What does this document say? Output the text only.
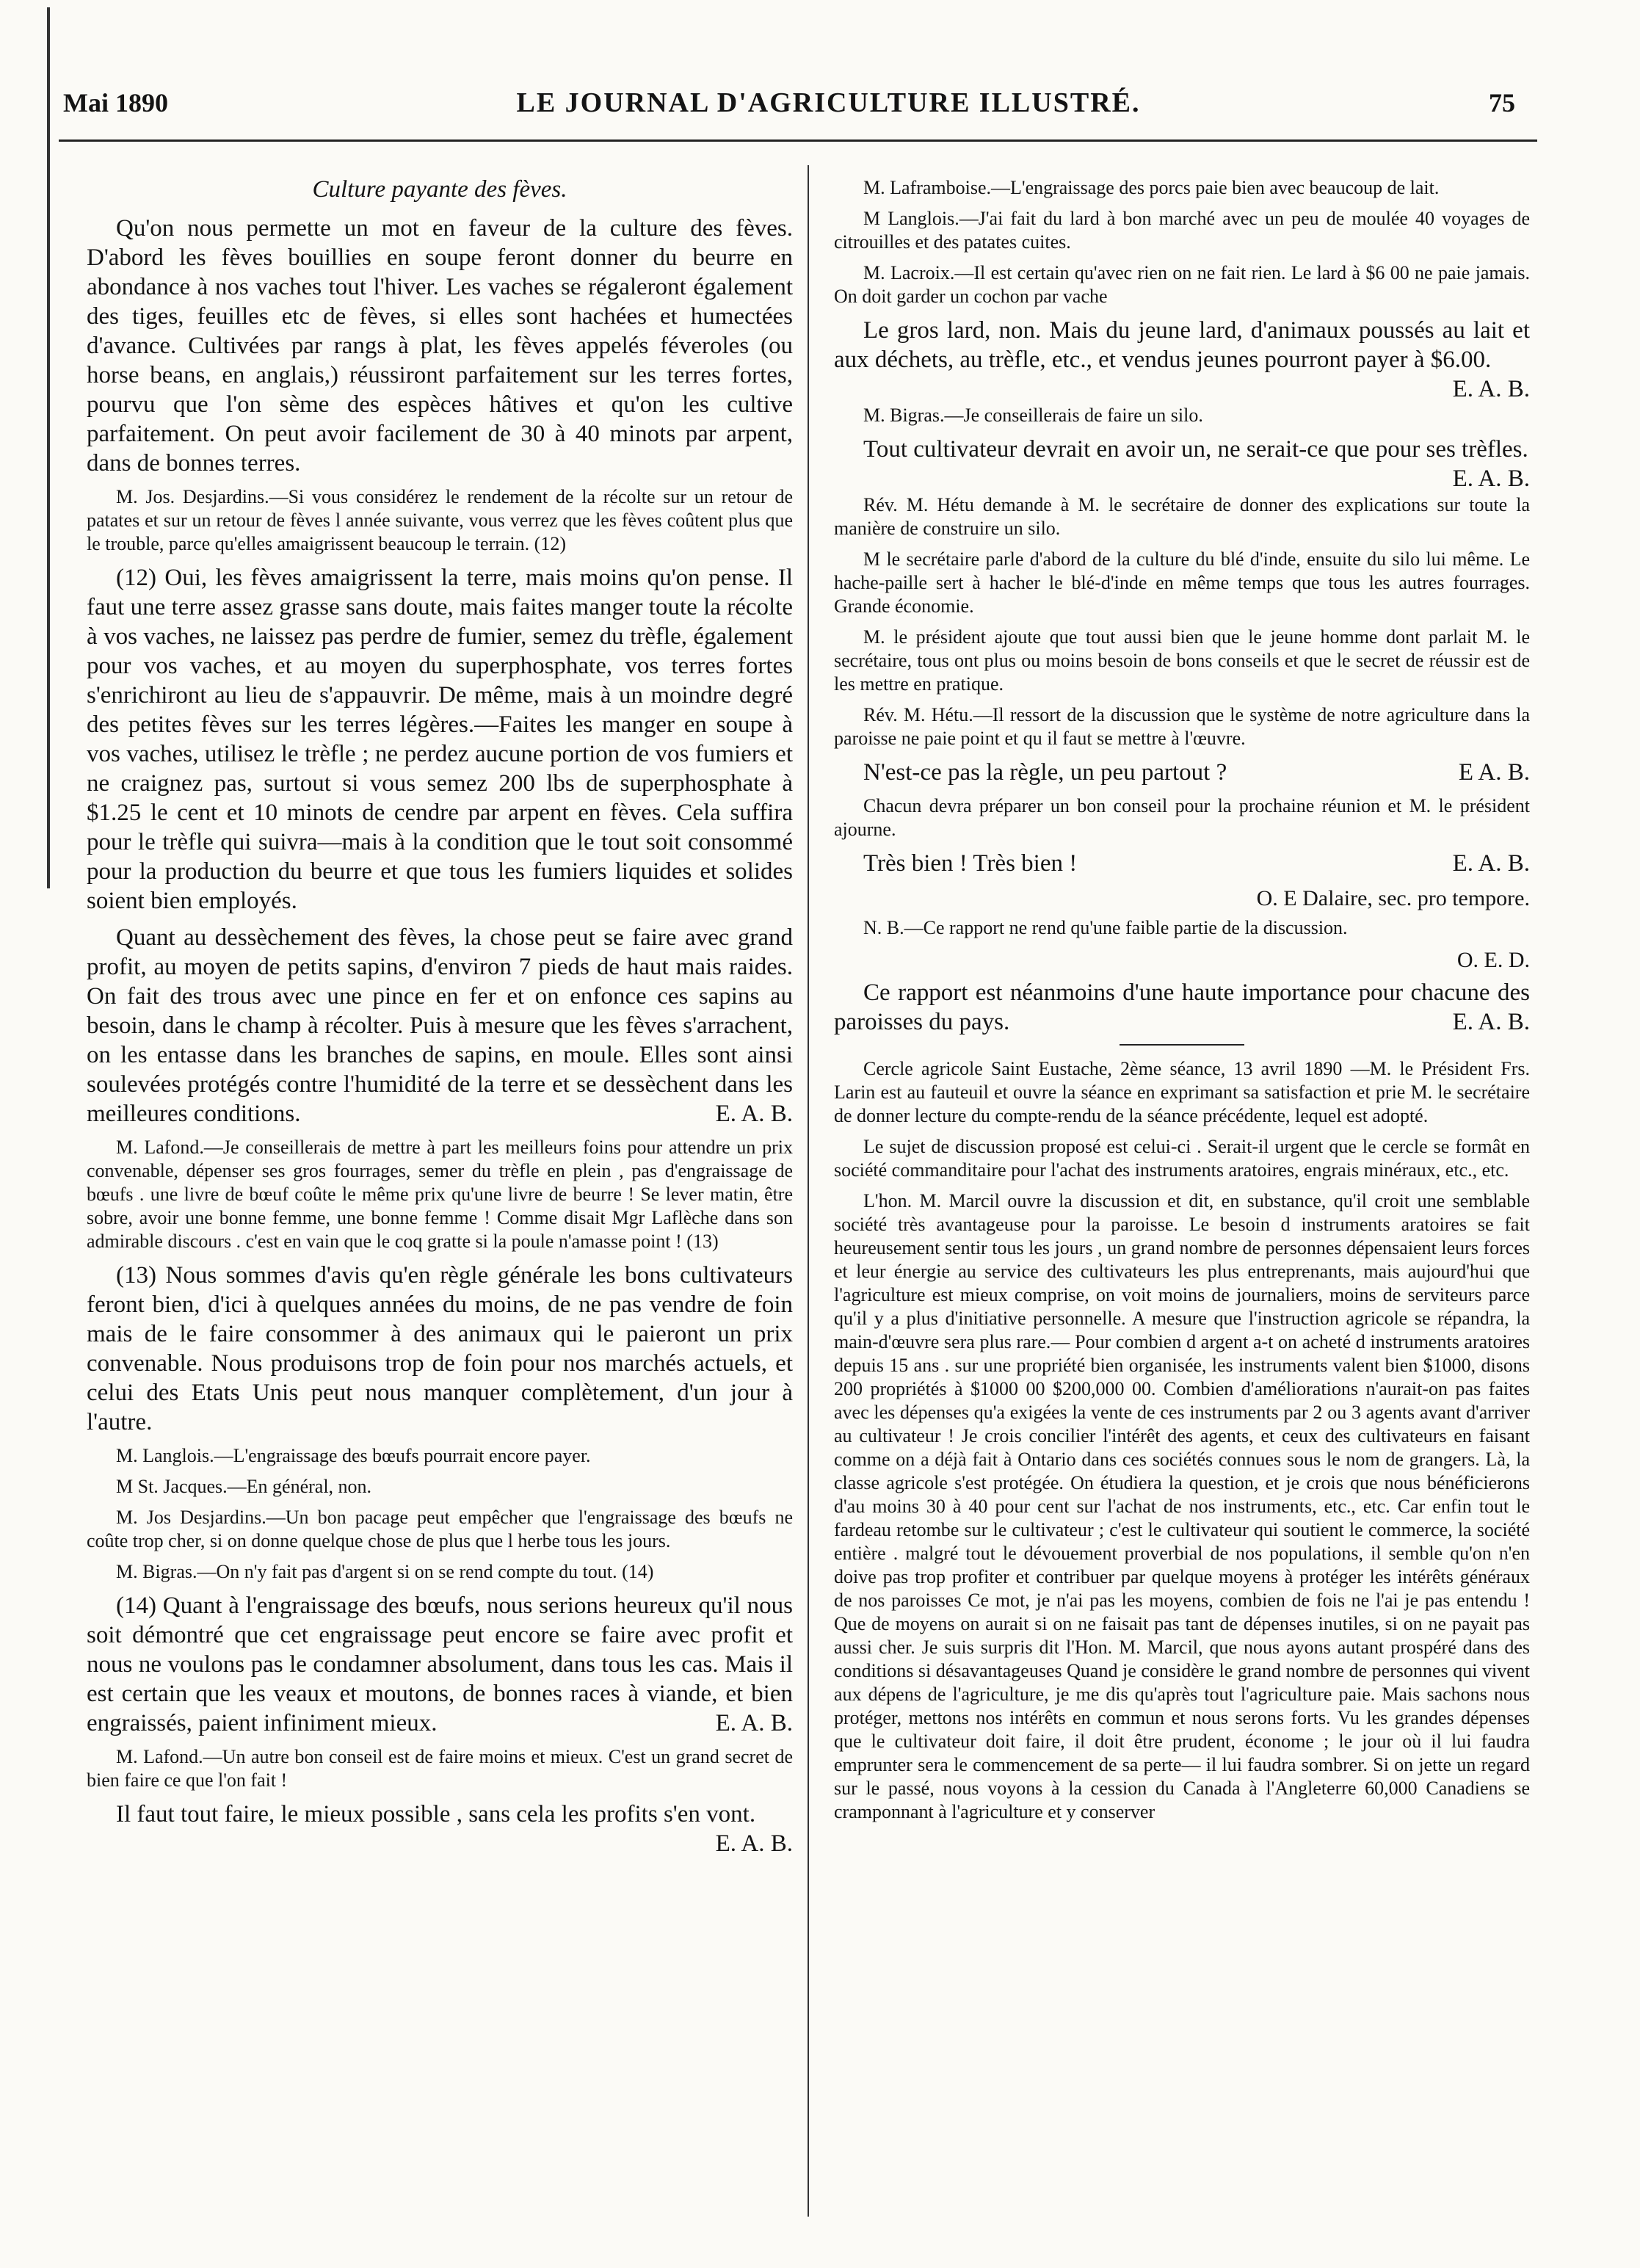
Mai 1890	LE JOURNAL D'AGRICULTURE ILLUSTRÉ.	75

Culture payante des fèves.

Qu'on nous permette un mot en faveur de la culture des fèves. D'abord les fèves bouillies en soupe feront donner du beurre en abondance à nos vaches tout l'hiver. Les vaches se régaleront également des tiges, feuilles etc de fèves, si elles sont hachées et humectées d'avance. Cultivées par rangs à plat, les fèves appelés féveroles (ou horse beans, en anglais,) réussiront parfaitement sur les terres fortes, pourvu que l'on sème des espèces hâtives et qu'on les cultive parfaitement. On peut avoir facilement de 30 à 40 minots par arpent, dans de bonnes terres.

M. Jos. Desjardins.—Si vous considérez le rendement de la récolte sur un retour de patates et sur un retour de fèves l année suivante, vous verrez que les fèves coûtent plus que le trouble, parce qu'elles amaigrissent beaucoup le terrain. (12)

(12) Oui, les fèves amaigrissent la terre, mais moins qu'on pense. Il faut une terre assez grasse sans doute, mais faites manger toute la récolte à vos vaches, ne laissez pas perdre de fumier, semez du trèfle, également pour vos vaches, et au moyen du superphosphate, vos terres fortes s'enrichiront au lieu de s'appauvrir. De même, mais à un moindre degré des petites fèves sur les terres légères.—Faites les manger en soupe à vos vaches, utilisez le trèfle ; ne perdez aucune portion de vos fumiers et ne craignez pas, surtout si vous semez 200 lbs de superphosphate à $1.25 le cent et 10 minots de cendre par arpent en fèves. Cela suffira pour le trèfle qui suivra—mais à la condition que le tout soit consommé pour la production du beurre et que tous les fumiers liquides et solides soient bien employés.

Quant au dessèchement des fèves, la chose peut se faire avec grand profit, au moyen de petits sapins, d'environ 7 pieds de haut mais raides. On fait des trous avec une pince en fer et on enfonce ces sapins au besoin, dans le champ à récolter. Puis à mesure que les fèves s'arrachent, on les entasse dans les branches de sapins, en moule. Elles sont ainsi soulevées protégés contre l'humidité de la terre et se dessèchent dans les meilleures conditions.	E. A. B.

M. Lafond.—Je conseillerais de mettre à part les meilleurs foins pour attendre un prix convenable, dépenser ses gros fourrages, semer du trèfle en plein , pas d'engraissage de bœufs . une livre de bœuf coûte le même prix qu'une livre de beurre ! Se lever matin, être sobre, avoir une bonne femme, une bonne femme ! Comme disait Mgr Laflèche dans son admirable discours . c'est en vain que le coq gratte si la poule n'amasse point ! (13)

(13) Nous sommes d'avis qu'en règle générale les bons cultivateurs feront bien, d'ici à quelques années du moins, de ne pas vendre de foin mais de le faire consommer à des animaux qui le paieront un prix convenable. Nous produisons trop de foin pour nos marchés actuels, et celui des Etats Unis peut nous manquer complètement, d'un jour à l'autre.

M. Langlois.—L'engraissage des bœufs pourrait encore payer.

M St. Jacques.—En général, non.

M. Jos Desjardins.—Un bon pacage peut empêcher que l'engraissage des bœufs ne coûte trop cher, si on donne quelque chose de plus que l herbe tous les jours.

M. Bigras.—On n'y fait pas d'argent si on se rend compte du tout. (14)

(14) Quant à l'engraissage des bœufs, nous serions heureux qu'il nous soit démontré que cet engraissage peut encore se faire avec profit et nous ne voulons pas le condamner absolument, dans tous les cas. Mais il est certain que les veaux et moutons, de bonnes races à viande, et bien engraissés, paient infiniment mieux.	E. A. B.

M. Lafond.—Un autre bon conseil est de faire moins et mieux. C'est un grand secret de bien faire ce que l'on fait !

Il faut tout faire, le mieux possible , sans cela les profits s'en vont.
E. A. B.

M. Laframboise.—L'engraissage des porcs paie bien avec beaucoup de lait.

M Langlois.—J'ai fait du lard à bon marché avec un peu de moulée 40 voyages de citrouilles et des patates cuites.

M. Lacroix.—Il est certain qu'avec rien on ne fait rien. Le lard à $6 00 ne paie jamais. On doit garder un cochon par vache

Le gros lard, non. Mais du jeune lard, d'animaux poussés au lait et aux déchets, au trèfle, etc., et vendus jeunes pourront payer à $6.00.
E. A. B.

M. Bigras.—Je conseillerais de faire un silo.

Tout cultivateur devrait en avoir un, ne serait-ce que pour ses trèfles.
E. A. B.

Rév. M. Hétu demande à M. le secrétaire de donner des explications sur toute la manière de construire un silo.

M le secrétaire parle d'abord de la culture du blé d'inde, ensuite du silo lui même. Le hache-paille sert à hacher le blé-d'inde en même temps que tous les autres fourrages. Grande économie.

M. le président ajoute que tout aussi bien que le jeune homme dont parlait M. le secrétaire, tous ont plus ou moins besoin de bons conseils et que le secret de réussir est de les mettre en pratique.

Rév. M. Hétu.—Il ressort de la discussion que le système de notre agriculture dans la paroisse ne paie point et qu il faut se mettre à l'œuvre.

N'est-ce pas la règle, un peu partout ?	E A. B.

Chacun devra préparer un bon conseil pour la prochaine réunion et M. le président ajourne.

Très bien ! Très bien !	E. A. B.

O. E Dalaire, sec. pro tempore.

N. B.—Ce rapport ne rend qu'une faible partie de la discussion.

O. E. D.

Ce rapport est néanmoins d'une haute importance pour chacune des paroisses du pays.	E. A. B.

Cercle agricole Saint Eustache, 2ème séance, 13 avril 1890 —M. le Président Frs. Larin est au fauteuil et ouvre la séance en exprimant sa satisfaction et prie M. le secrétaire de donner lecture du compte-rendu de la séance précédente, lequel est adopté.

Le sujet de discussion proposé est celui-ci . Serait-il urgent que le cercle se formât en société commanditaire pour l'achat des instruments aratoires, engrais minéraux, etc., etc.

L'hon. M. Marcil ouvre la discussion et dit, en substance, qu'il croit une semblable société très avantageuse pour la paroisse. Le besoin d instruments aratoires se fait heureusement sentir tous les jours , un grand nombre de personnes dépensaient leurs forces et leur énergie au service des cultivateurs les plus entreprenants, mais aujourd'hui que l'agriculture est mieux comprise, on voit moins de journaliers, moins de serviteurs parce qu'il y a plus d'initiative personnelle. A mesure que l'instruction agricole se répandra, la main-d'œuvre sera plus rare.— Pour combien d argent a-t on acheté d instruments aratoires depuis 15 ans . sur une propriété bien organisée, les instruments valent bien $1000, disons 200 propriétés à $1000 00 $200,000 00. Combien d'améliorations n'aurait-on pas faites avec les dépenses qu'a exigées la vente de ces instruments par 2 ou 3 agents avant d'arriver au cultivateur ! Je crois concilier l'intérêt des agents, et ceux des cultivateurs en faisant comme on a déjà fait à Ontario dans ces sociétés connues sous le nom de grangers. Là, la classe agricole s'est protégée. On étudiera la question, et je crois que nous bénéficierons d'au moins 30 à 40 pour cent sur l'achat de nos instruments, etc., etc. Car enfin tout le fardeau retombe sur le cultivateur ; c'est le cultivateur qui soutient le commerce, la société entière . malgré tout le dévouement proverbial de nos populations, il semble qu'on n'en doive pas trop profiter et contribuer par quelque moyens à protéger les intérêts généraux de nos paroisses Ce mot, je n'ai pas les moyens, combien de fois ne l'ai je pas entendu ! Que de moyens on aurait si on ne faisait pas tant de dépenses inutiles, si on ne payait pas aussi cher. Je suis surpris dit l'Hon. M. Marcil, que nous ayons autant prospéré dans des conditions si désavantageuses Quand je considère le grand nombre de personnes qui vivent aux dépens de l'agriculture, je me dis qu'après tout l'agriculture paie. Mais sachons nous protéger, mettons nos intérêts en commun et nous serons forts. Vu les grandes dépenses que le cultivateur doit faire, il doit être prudent, économe ; le jour où il lui faudra emprunter sera le commencement de sa perte— il lui faudra sombrer. Si on jette un regard sur le passé, nous voyons à la cession du Canada à l'Angleterre 60,000 Canadiens se cramponnant à l'agriculture et y conserver
